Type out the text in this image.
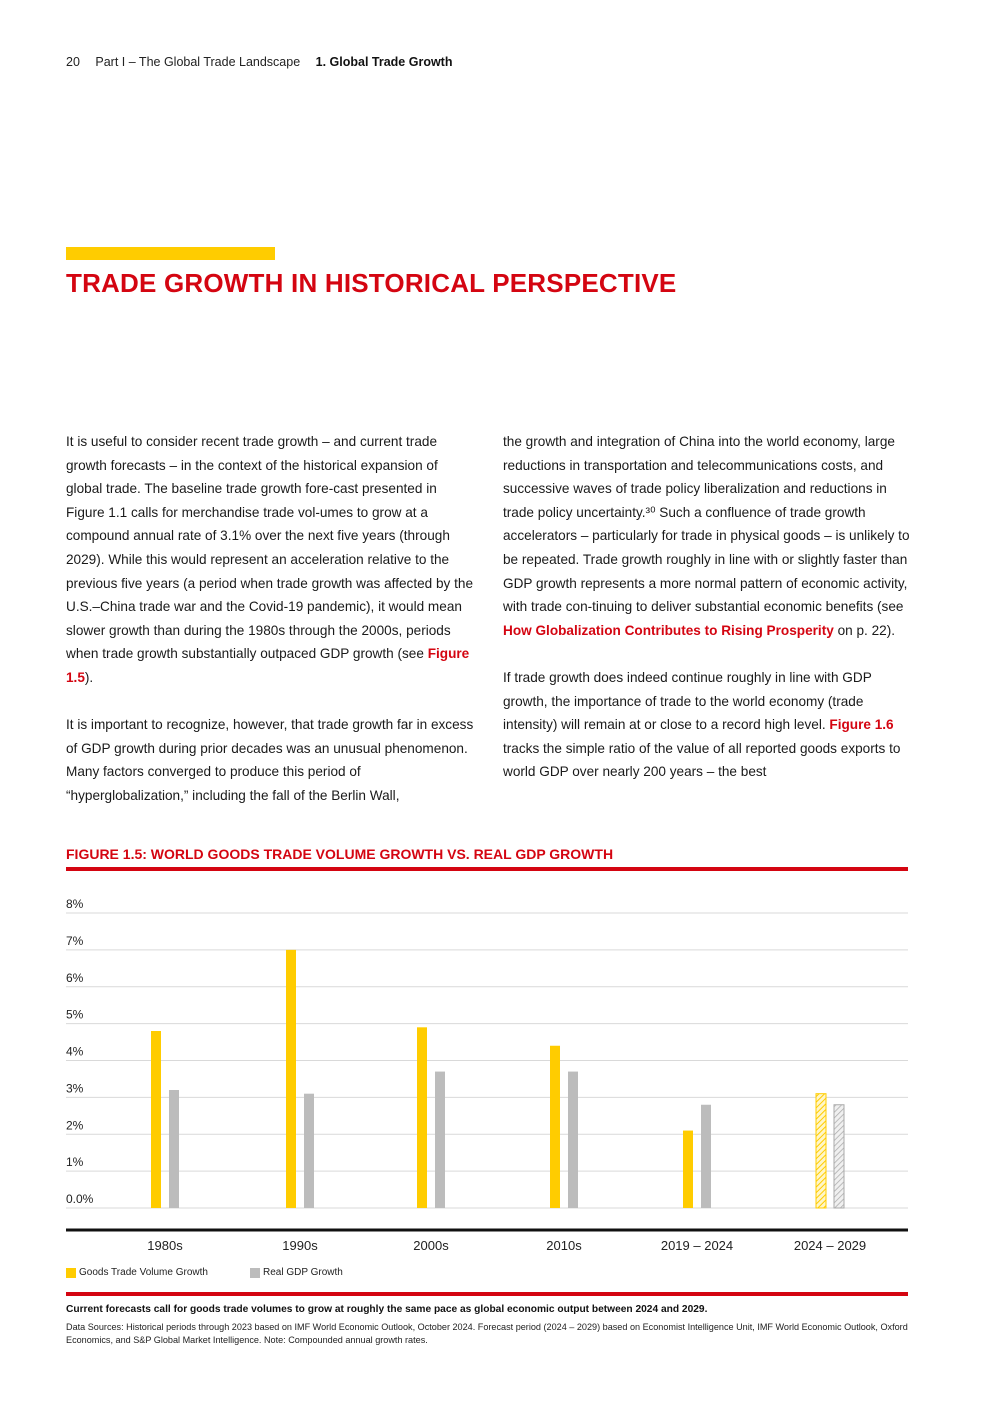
20 Part I – The Global Trade Landscape 1. Global Trade Growth
TRADE GROWTH IN HISTORICAL PERSPECTIVE

It is useful to consider recent trade growth – and current trade growth forecasts – in the context of the historical expansion of global trade. The baseline trade growth fore-cast presented in Figure 1.1 calls for merchandise trade vol-umes to grow at a compound annual rate of 3.1% over the next five years (through 2029). While this would represent an acceleration relative to the previous five years (a period when trade growth was affected by the U.S.–China trade war and the Covid-19 pandemic), it would mean slower growth than during the 1980s through the 2000s, periods when trade growth substantially outpaced GDP growth (see Figure 1.5).

It is important to recognize, however, that trade growth far in excess of GDP growth during prior decades was an unusual phenomenon. Many factors converged to produce this period of “hyperglobalization,” including the fall of the Berlin Wall,

the growth and integration of China into the world economy, large reductions in transportation and telecommunications costs, and successive waves of trade policy liberalization and reductions in trade policy uncertainty.³⁰ Such a confluence of trade growth accelerators – particularly for trade in physical goods – is unlikely to be repeated. Trade growth roughly in line with or slightly faster than GDP growth represents a more normal pattern of economic activity, with trade con-tinuing to deliver substantial economic benefits (see How Globalization Contributes to Rising Prosperity on p. 22).

If trade growth does indeed continue roughly in line with GDP growth, the importance of trade to the world economy (trade intensity) will remain at or close to a record high level. Figure 1.6 tracks the simple ratio of the value of all reported goods exports to world GDP over nearly 200 years – the best

FIGURE 1.5: WORLD GOODS TRADE VOLUME GROWTH VS. REAL GDP GROWTH
0.0%
1%
2%
3%
4%
5%
6%
7%
8%
1980s	1990s	2000s	2010s	2019 – 2024	2024 – 2029
Goods Trade Volume Growth	Real GDP Growth
Current forecasts call for goods trade volumes to grow at roughly the same pace as global economic output between 2024 and 2029.
Data Sources: Historical periods through 2023 based on IMF World Economic Outlook, October 2024. Forecast period (2024 – 2029) based on Economist Intelligence Unit, IMF World Economic Outlook, Oxford Economics, and S&P Global Market Intelligence. Note: Compounded annual growth rates.
